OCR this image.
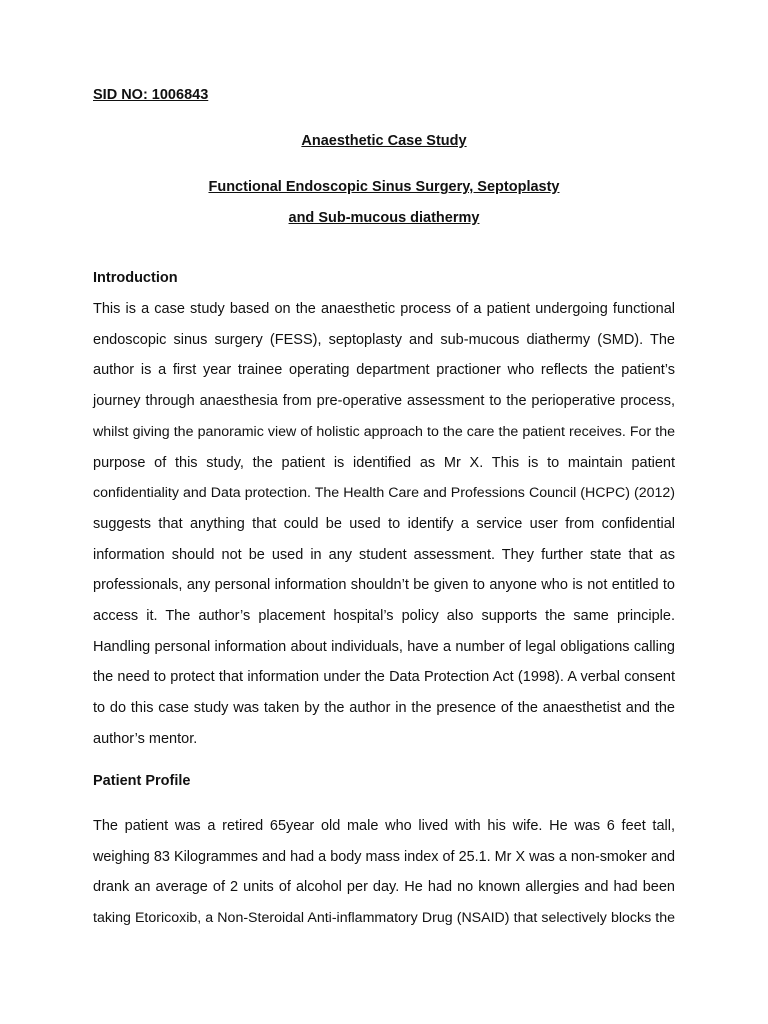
SID NO: 1006843
Anaesthetic Case Study
Functional Endoscopic Sinus Surgery, Septoplasty
and Sub-mucous diathermy
Introduction
This is a case study based on the anaesthetic process of a patient undergoing functional
endoscopic sinus surgery (FESS), septoplasty and sub-mucous diathermy (SMD). The
author is a first year trainee operating department practioner who reflects the patient’s
journey through anaesthesia from pre-operative assessment to the perioperative process,
whilst giving the panoramic view of holistic approach to the care the patient receives. For the
purpose of this study, the patient is identified as Mr X. This is to maintain patient
confidentiality and Data protection. The Health Care and Professions Council (HCPC) (2012)
suggests that anything that could be used to identify a service user from confidential
information should not be used in any student assessment. They further state that as
professionals, any personal information shouldn’t be given to anyone who is not entitled to
access it. The author’s placement hospital’s policy also supports the same principle.
Handling personal information about individuals, have a number of legal obligations calling
the need to protect that information under the Data Protection Act (1998). A verbal consent
to do this case study was taken by the author in the presence of the anaesthetist and the
author’s mentor.
Patient Profile
The patient was a retired 65year old male who lived with his wife. He was 6 feet tall,
weighing 83 Kilogrammes and had a body mass index of 25.1. Mr X was a non-smoker and
drank an average of 2 units of alcohol per day. He had no known allergies and had been
taking Etoricoxib, a Non-Steroidal Anti-inflammatory Drug (NSAID) that selectively blocks the
